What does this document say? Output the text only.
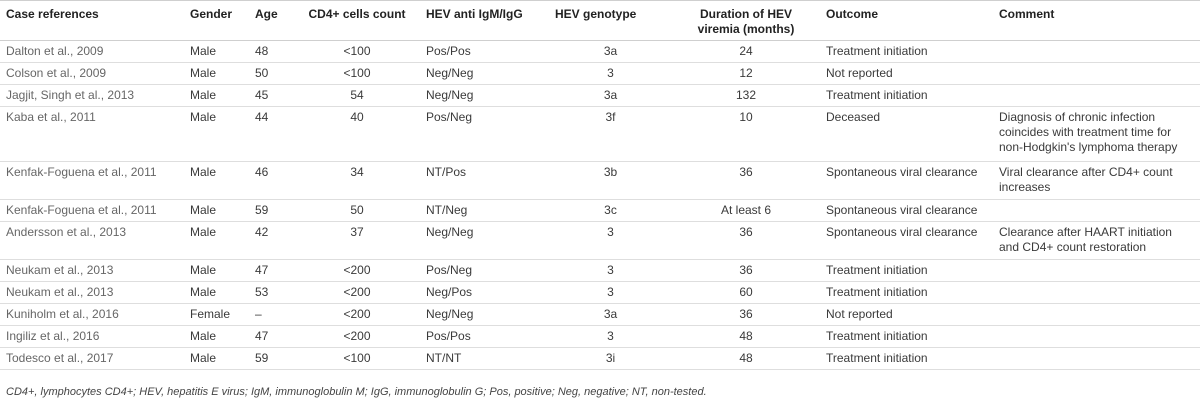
Case references	Gender	Age	CD4+ cells count	HEV anti IgM/IgG	HEV genotype	Duration of HEV viremia (months)	Outcome	Comment
Dalton et al., 2009	Male	48	<100	Pos/Pos	3a	24	Treatment initiation	
Colson et al., 2009	Male	50	<100	Neg/Neg	3	12	Not reported	
Jagjit, Singh et al., 2013	Male	45	54	Neg/Neg	3a	132	Treatment initiation	
Kaba et al., 2011	Male	44	40	Pos/Neg	3f	10	Deceased	Diagnosis of chronic infection coincides with treatment time for non-Hodgkin's lymphoma therapy
Kenfak-Foguena et al., 2011	Male	46	34	NT/Pos	3b	36	Spontaneous viral clearance	Viral clearance after CD4+ count increases
Kenfak-Foguena et al., 2011	Male	59	50	NT/Neg	3c	At least 6	Spontaneous viral clearance	
Andersson et al., 2013	Male	42	37	Neg/Neg	3	36	Spontaneous viral clearance	Clearance after HAART initiation and CD4+ count restoration
Neukam et al., 2013	Male	47	<200	Pos/Neg	3	36	Treatment initiation	
Neukam et al., 2013	Male	53	<200	Neg/Pos	3	60	Treatment initiation	
Kuniholm et al., 2016	Female	–	<200	Neg/Neg	3a	36	Not reported	
Ingiliz et al., 2016	Male	47	<200	Pos/Pos	3	48	Treatment initiation	
Todesco et al., 2017	Male	59	<100	NT/NT	3i	48	Treatment initiation	
CD4+, lymphocytes CD4+; HEV, hepatitis E virus; IgM, immunoglobulin M; IgG, immunoglobulin G; Pos, positive; Neg, negative; NT, non-tested.
